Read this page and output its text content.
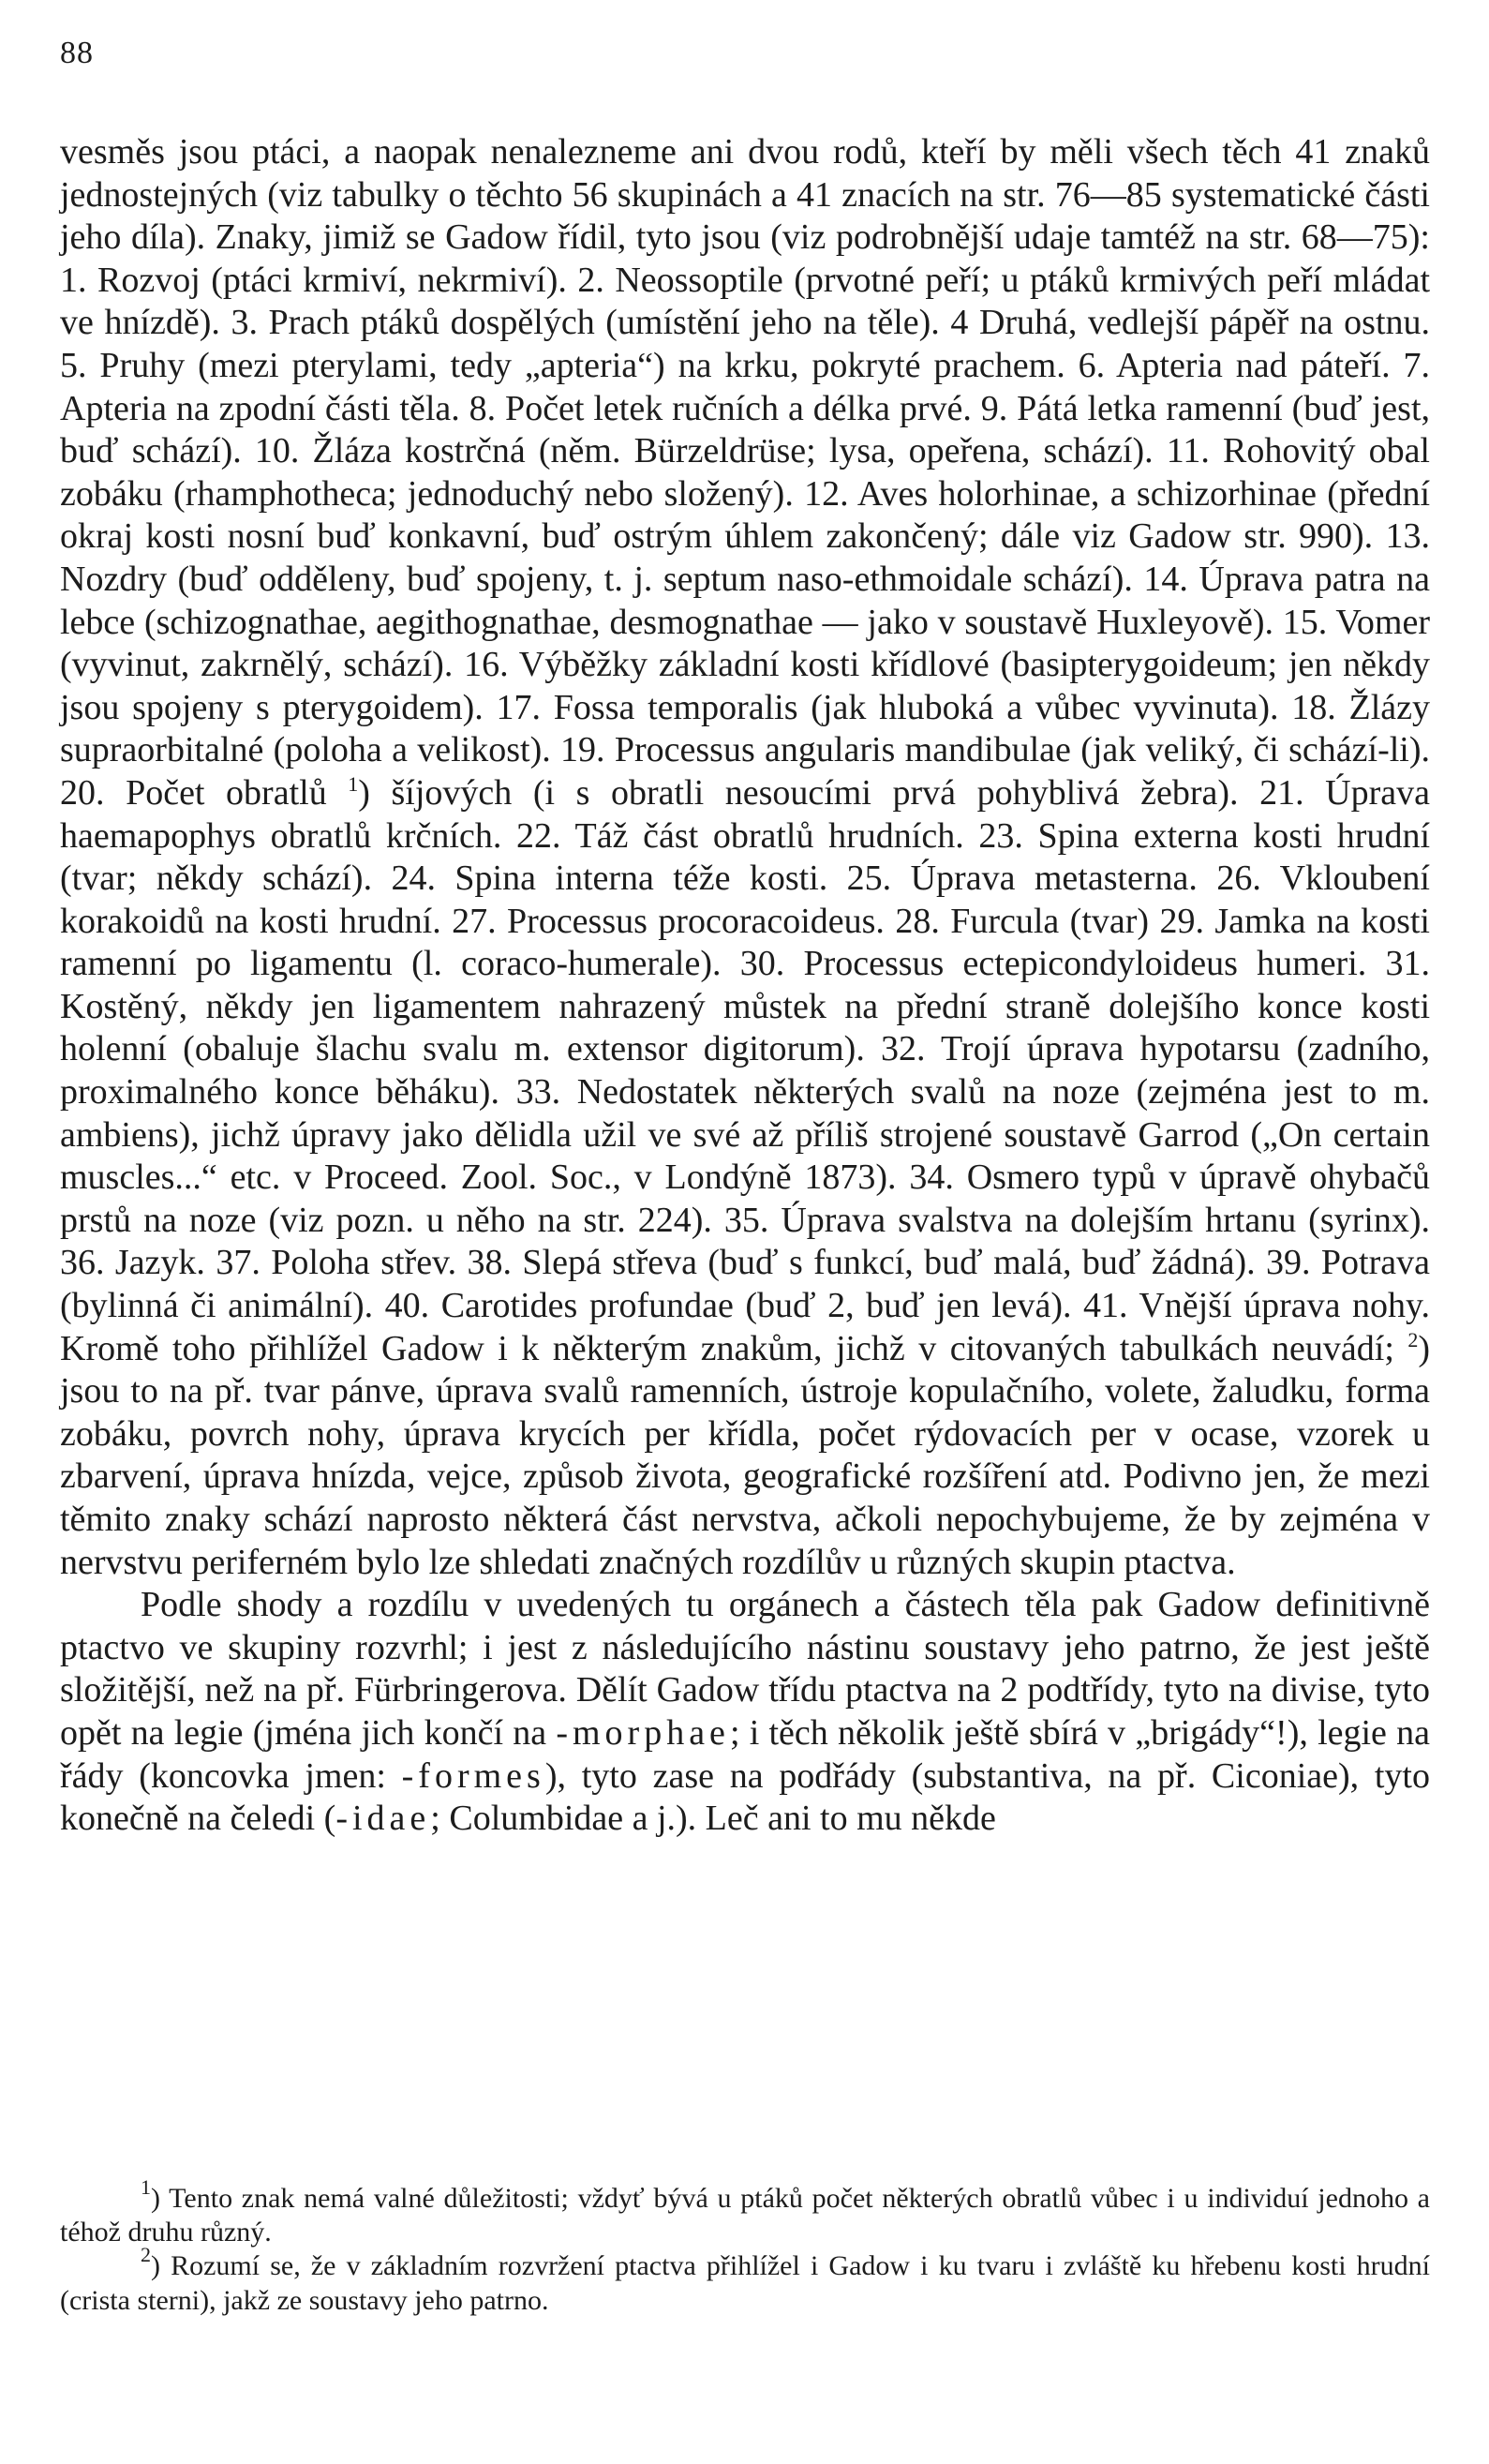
88

vesměs jsou ptáci, a naopak nenalezneme ani dvou rodů, kteří by měli všech těch 41 znaků jednostejných (viz tabulky o těchto 56 skupinách a 41 znacích na str. 76—85 systematické části jeho díla). Znaky, jimiž se Gadow řídil, tyto jsou (viz podrobnější udaje tamtéž na str. 68—75): 1. Rozvoj (ptáci krmiví, nekrmiví). 2. Neossoptile (prvotné peří; u ptáků krmivých peří mládat ve hnízdě). 3. Prach ptáků dospělých (umístění jeho na těle). 4 Druhá, vedlejší pápěř na ostnu. 5. Pruhy (mezi pterylami, tedy „apteria“) na krku, pokryté prachem. 6. Apteria nad páteří. 7. Apteria na zpodní části těla. 8. Počet letek ručních a délka prvé. 9. Pátá letka ramenní (buď jest, buď schází). 10. Žláza kostrčná (něm. Bürzeldrüse; lysa, opeřena, schází). 11. Rohovitý obal zobáku (rhamphotheca; jednoduchý nebo složený). 12. Aves holorhinae, a schizorhinae (přední okraj kosti nosní buď konkavní, buď ostrým úhlem zakončený; dále viz Gadow str. 990). 13. Nozdry (buď odděleny, buď spojeny, t. j. septum naso-ethmoidale schází). 14. Úprava patra na lebce (schizognathae, aegithognathae, desmognathae — jako v soustavě Huxleyově). 15. Vomer (vyvinut, zakrnělý, schází). 16. Výběžky základní kosti křídlové (basipterygoideum; jen někdy jsou spojeny s pterygoidem). 17. Fossa temporalis (jak hluboká a vůbec vyvinuta). 18. Žlázy supraorbitalné (poloha a velikost). 19. Processus angularis mandibulae (jak veliký, či schází-li). 20. Počet obratlů $^1$) šíjových (i s obratli nesoucími prvá pohyblivá žebra). 21. Úprava haemapophys obratlů krčních. 22. Táž část obratlů hrudních. 23. Spina externa kosti hrudní (tvar; někdy schází). 24. Spina interna téže kosti. 25. Úprava metasterna. 26. Vkloubení korakoidů na kosti hrudní. 27. Processus procoracoideus. 28. Furcula (tvar) 29. Jamka na kosti ramenní po ligamentu (l. coraco-humerale). 30. Processus ectepicondyloideus humeri. 31. Kostěný, někdy jen ligamentem nahrazený můstek na přední straně dolejšího konce kosti holenní (obaluje šlachu svalu m. extensor digitorum). 32. Trojí úprava hypotarsu (zadního, proximalného konce běháku). 33. Nedostatek některých svalů na noze (zejména jest to m. ambiens), jichž úpravy jako dělidla užil ve své až příliš strojené soustavě Garrod („On certain muscles...“ etc. v Proceed. Zool. Soc., v Londýně 1873). 34. Osmero typů v úpravě ohybačů prstů na noze (viz pozn. u něho na str. 224). 35. Úprava svalstva na dolejším hrtanu (syrinx). 36. Jazyk. 37. Poloha střev. 38. Slepá střeva (buď s funkcí, buď malá, buď žádná). 39. Potrava (bylinná či animální). 40. Carotides profundae (buď 2, buď jen levá). 41. Vnější úprava nohy. Kromě toho přihlížel Gadow i k některým znakům, jichž v citovaných tabulkách neuvádí; $^2$) jsou to na př. tvar pánve, úprava svalů ramenních, ústroje kopulačního, volete, žaludku, forma zobáku, povrch nohy, úprava krycích per křídla, počet rýdovacích per v ocase, vzorek u zbarvení, úprava hnízda, vejce, způsob života, geografické rozšíření atd. Podivno jen, že mezi těmito znaky schází naprosto některá část nervstva, ačkoli nepochybujeme, že by zejména v nervstvu periferném bylo lze shledati značných rozdílův u různých skupin ptactva.

Podle shody a rozdílu v uvedených tu orgánech a částech těla pak Gadow definitivně ptactvo ve skupiny rozvrhl; i jest z následujícího nástinu soustavy jeho patrno, že jest ještě složitější, než na př. Fürbringerova. Dělít Gadow třídu ptactva na 2 podtřídy, tyto na divise, tyto opět na legie (jména jich končí na -morphae; i těch několik ještě sbírá v „brigády“!), legie na řády (koncovka jmen: -formes), tyto zase na podřády (substantiva, na př. Ciconiae), tyto konečně na čeledi (-idae; Columbidae a j.). Leč ani to mu někde

$^1$) Tento znak nemá valné důležitosti; vždyť bývá u ptáků počet některých obratlů vůbec i u individuí jednoho a téhož druhu různý.

$^2$) Rozumí se, že v základním rozvržení ptactva přihlížel i Gadow i ku tvaru i zvláště ku hřebenu kosti hrudní (crista sterni), jakž ze soustavy jeho patrno.
